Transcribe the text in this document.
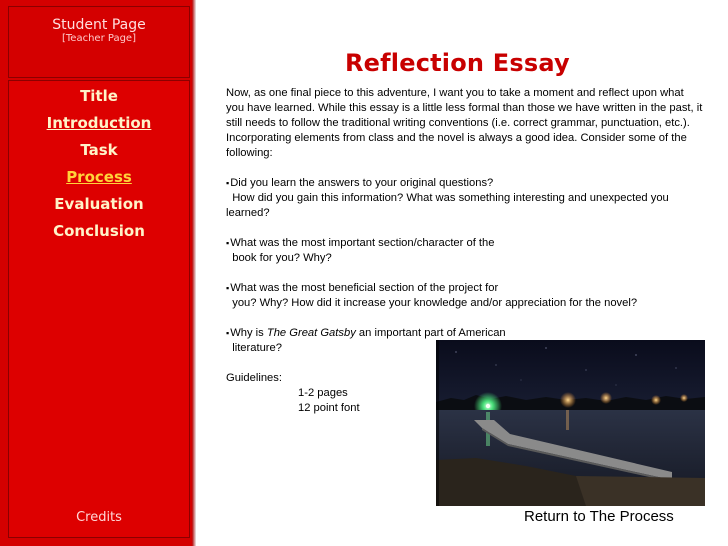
Student Page
[Teacher Page]
Title
Introduction
Task
Process
Evaluation
Conclusion
Credits
Reflection Essay

Now, as one final piece to this adventure, I want you to take a moment and reflect upon what you have learned. While this essay is a little less formal than those we have written in the past, it still needs to follow the traditional writing conventions (i.e. correct grammar, punctuation, etc.). Incorporating elements from class and the novel is always a good idea. Consider some of the following:

▪ Did you learn the answers to your original questions?

How did you gain this information? What was something interesting and unexpected you learned?

▪ What was the most important section/character of the

book for you? Why?

▪ What was the most beneficial section of the project for

you? Why? How did it increase your knowledge and/or appreciation for the novel?

▪ Why is The Great Gatsby an important part of American

literature?

Guidelines:

1-2 pages

12 point font

Return to The Process
